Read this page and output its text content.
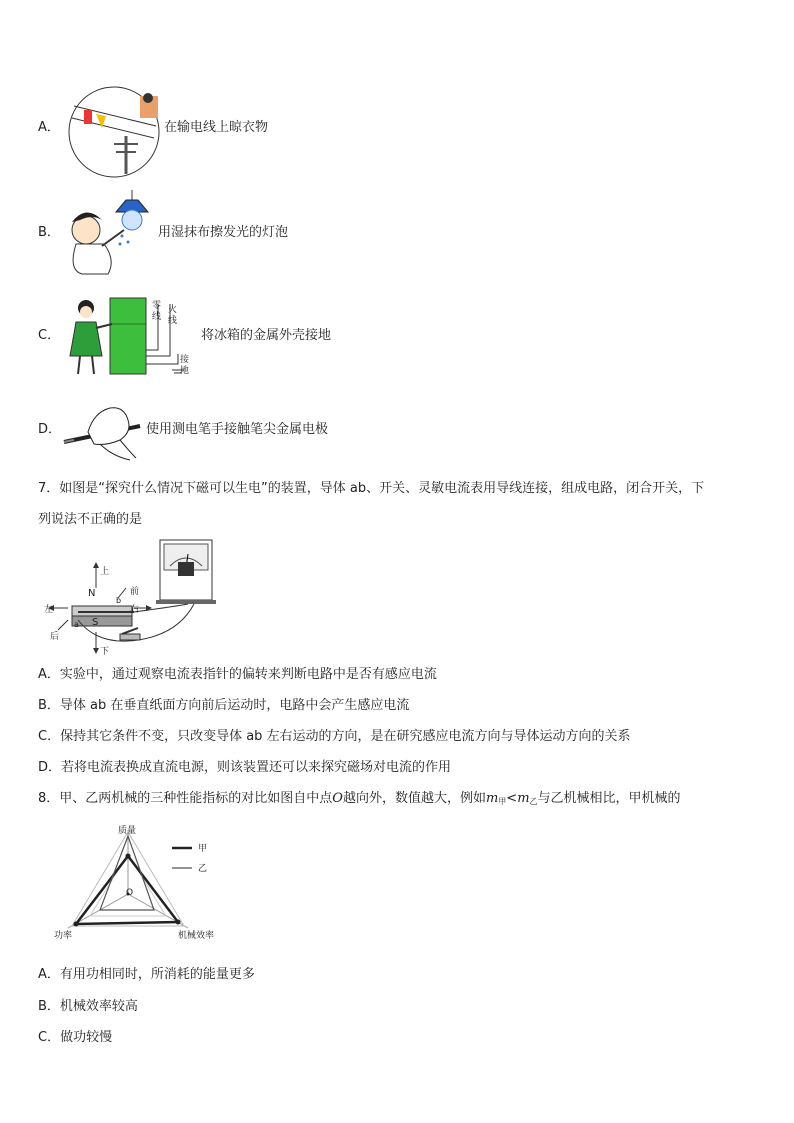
A．	在输电线上晾衣物
B．	用湿抹布擦发光的灯泡
C．
零
线
火
线
接
地
将冰箱的金属外壳接地
D．	使用测电笔手接触笔尖金属电极
7．如图是“探究什么情况下磁可以生电”的装置，导体 ab、开关、灵敏电流表用导线连接，组成电路，闭合开关，下
列说法不正确的是
N
S
上
下
左	右
前
后
a
b
A．实验中，通过观察电流表指针的偏转来判断电路中是否有感应电流
B．导体 ab 在垂直纸面方向前后运动时，电路中会产生感应电流
C．保持其它条件不变，只改变导体 ab 左右运动的方向，是在研究感应电流方向与导体运动方向的关系
D．若将电流表换成直流电源，则该装置还可以来探究磁场对电流的作用
8．甲、乙两机械的三种性能指标的对比如图自中点O越向外，数值越大，例如$m_甲<m_乙$与乙机械相比，甲机械的
质量
功率	机械效率
O
甲
乙
A．有用功相同时，所消耗的能量更多
B．机械效率较高
C．做功较慢
